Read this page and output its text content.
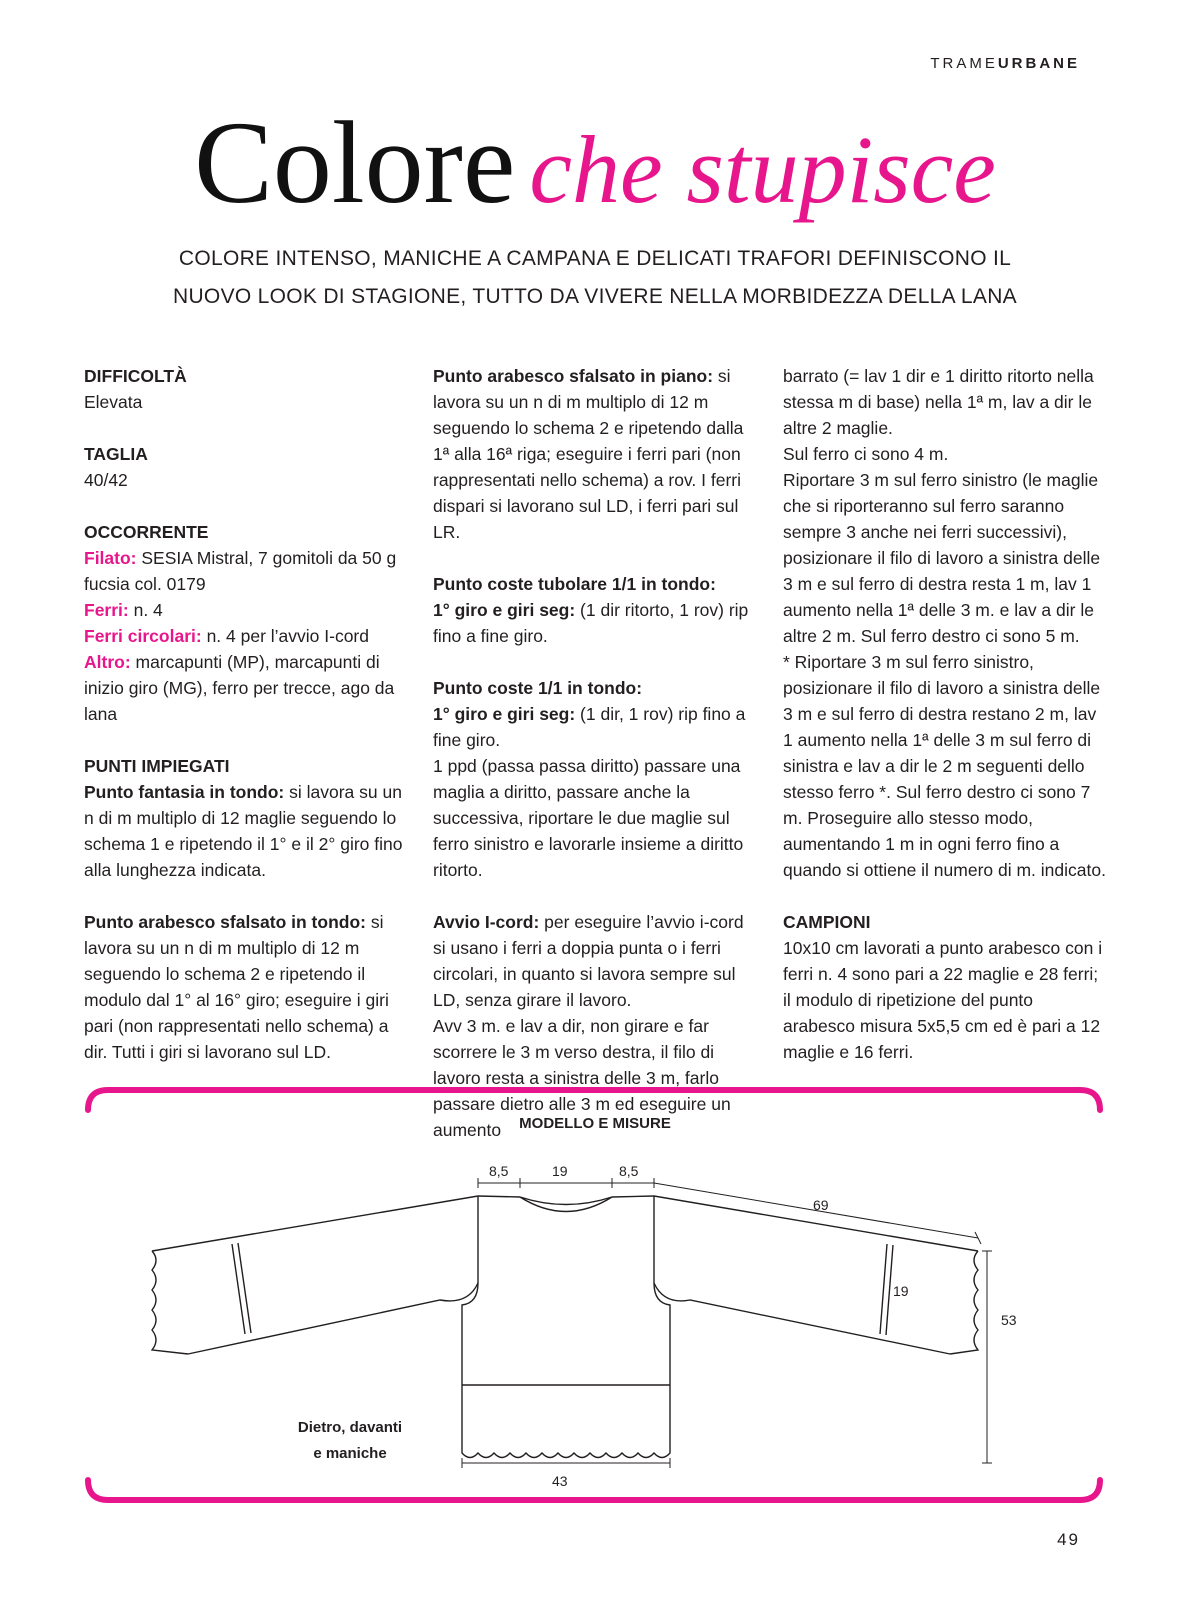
TRAMEURBANE
Colore che stupisce
COLORE INTENSO, MANICHE A CAMPANA E DELICATI TRAFORI DEFINISCONO IL
NUOVO LOOK DI STAGIONE, TUTTO DA VIVERE NELLA MORBIDEZZA DELLA LANA

DIFFICOLTÀ
Elevata

TAGLIA
40/42

OCCORRENTE
Filato: SESIA Mistral, 7 gomitoli da 50 g fucsia col. 0179
Ferri: n. 4
Ferri circolari: n. 4 per l’avvio I-cord
Altro: marcapunti (MP), marcapunti di inizio giro (MG), ferro per trecce, ago da lana

PUNTI IMPIEGATI
Punto fantasia in tondo: si lavora su un n di m multiplo di 12 maglie seguendo lo schema 1 e ripetendo il 1° e il 2° giro fino alla lunghezza indicata.

Punto arabesco sfalsato in tondo: si lavora su un n di m multiplo di 12 m seguendo lo schema 2 e ripetendo il modulo dal 1° al 16° giro; eseguire i giri pari (non rappresentati nello schema) a dir. Tutti i giri si lavorano sul LD.

Punto arabesco sfalsato in piano: si lavora su un n di m multiplo di 12 m seguendo lo schema 2 e ripetendo dalla 1ª alla 16ª riga; eseguire i ferri pari (non rappresentati nello schema) a rov. I ferri dispari si lavorano sul LD, i ferri pari sul LR.

Punto coste tubolare 1/1 in tondo:
1° giro e giri seg: (1 dir ritorto, 1 rov) rip fino a fine giro.

Punto coste 1/1 in tondo:
1° giro e giri seg: (1 dir, 1 rov) rip fino a fine giro.
1 ppd (passa passa diritto) passare una maglia a diritto, passare anche la successiva, riportare le due maglie sul ferro sinistro e lavorarle insieme a diritto ritorto.

Avvio I-cord: per eseguire l’avvio i-cord si usano i ferri a doppia punta o i ferri circolari, in quanto si lavora sempre sul LD, senza girare il lavoro.
Avv 3 m. e lav a dir, non girare e far scorrere le 3 m verso destra, il filo di lavoro resta a sinistra delle 3 m, farlo passare dietro alle 3 m ed eseguire un aumento

barrato (= lav 1 dir e 1 diritto ritorto nella stessa m di base) nella 1ª m, lav a dir le altre 2 maglie.
Sul ferro ci sono 4 m.
Riportare 3 m sul ferro sinistro (le maglie che si riporteranno sul ferro saranno sempre 3 anche nei ferri successivi), posizionare il filo di lavoro a sinistra delle 3 m e sul ferro di destra resta 1 m, lav 1 aumento nella 1ª delle 3 m. e lav a dir le altre 2 m. Sul ferro destro ci sono 5 m.
* Riportare 3 m sul ferro sinistro, posizionare il filo di lavoro a sinistra delle 3 m e sul ferro di destra restano 2 m, lav 1 aumento nella 1ª delle 3 m sul ferro di sinistra e lav a dir le 2 m seguenti dello stesso ferro *. Sul ferro destro ci sono 7 m. Proseguire allo stesso modo, aumentando 1 m in ogni ferro fino a quando si ottiene il numero di m. indicato.

CAMPIONI
10x10 cm lavorati a punto arabesco con i ferri n. 4 sono pari a 22 maglie e 28 ferri; il modulo di ripetizione del punto arabesco misura 5x5,5 cm ed è pari a 12 maglie e 16 ferri.

8,5	19	8,5
69
19
53
43
MODELLO E MISURE
Dietro, davanti
e maniche
49
